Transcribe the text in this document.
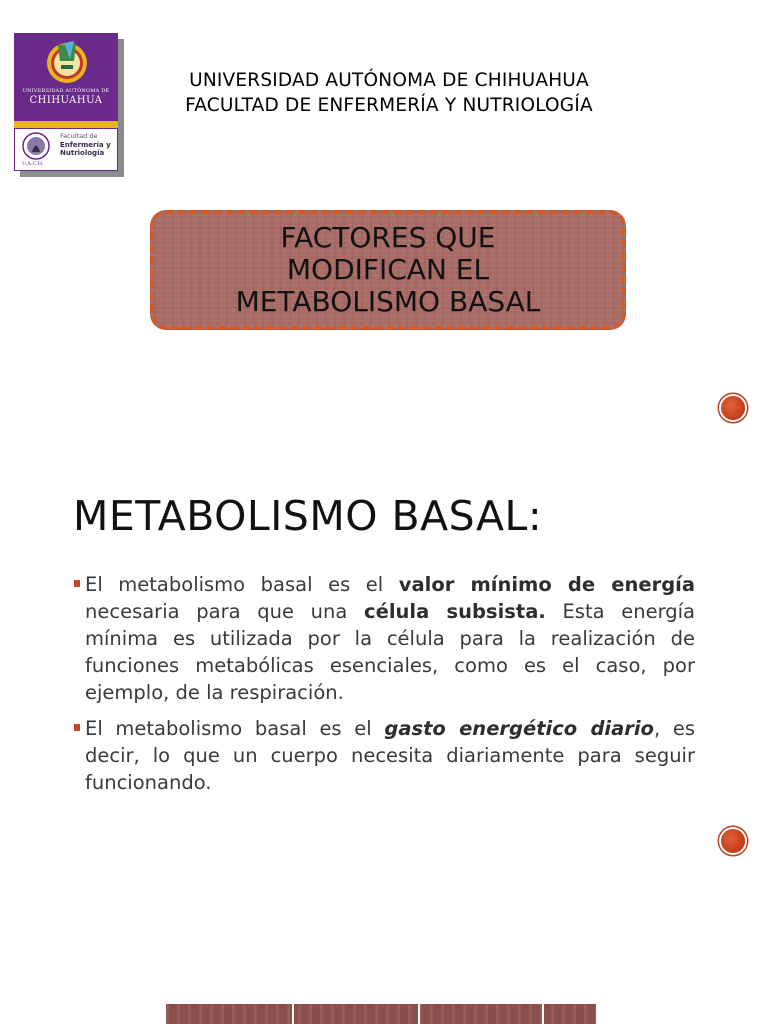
UNIVERSIDAD AUTÓNOMA DE
CHIHUAHUA
U.A.C.H.
Facultad de
Enfermería y
Nutriología
UNIVERSIDAD AUTÓNOMA DE CHIHUAHUA
FACULTAD DE ENFERMERÍA Y NUTRIOLOGÍA
FACTORES QUE
MODIFICAN EL
METABOLISMO BASAL
METABOLISMO BASAL:
El metabolismo basal es el valor mínimo de energía necesaria para que una célula subsista. Esta energía mínima es utilizada por la célula para la realización de funciones metabólicas esenciales, como es el caso, por ejemplo, de la respiración.
El metabolismo basal es el gasto energético diario, es decir, lo que un cuerpo necesita diariamente para seguir funcionando.
